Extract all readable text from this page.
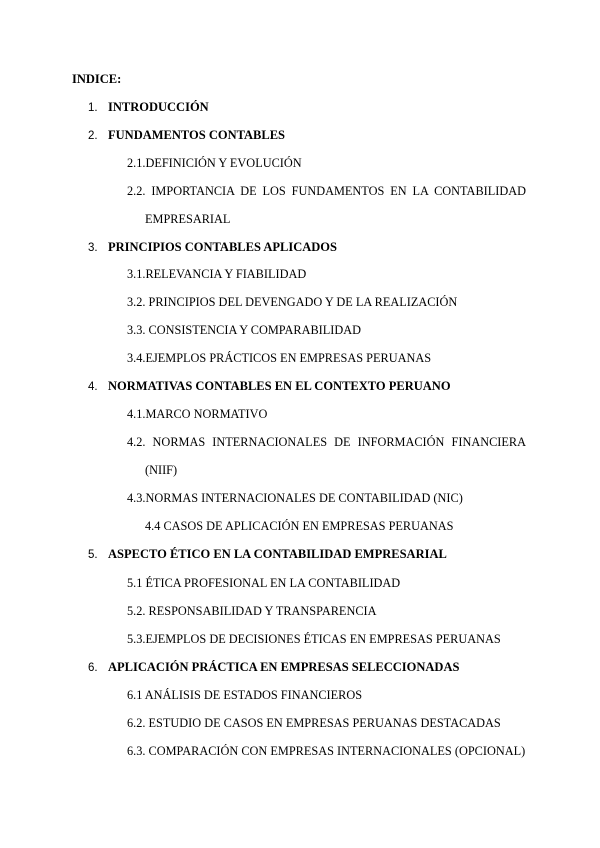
INDICE:
1. INTRODUCCIÓN
2. FUNDAMENTOS CONTABLES
2.1.DEFINICIÓN Y EVOLUCIÓN
2.2. IMPORTANCIA DE LOS FUNDAMENTOS EN LA CONTABILIDAD
EMPRESARIAL
3. PRINCIPIOS CONTABLES APLICADOS
3.1.RELEVANCIA Y FIABILIDAD
3.2. PRINCIPIOS DEL DEVENGADO Y DE LA REALIZACIÓN
3.3. CONSISTENCIA Y COMPARABILIDAD
3.4.EJEMPLOS PRÁCTICOS EN EMPRESAS PERUANAS
4. NORMATIVAS CONTABLES EN EL CONTEXTO PERUANO
4.1.MARCO NORMATIVO
4.2. NORMAS INTERNACIONALES DE INFORMACIÓN FINANCIERA
(NIIF)
4.3.NORMAS INTERNACIONALES DE CONTABILIDAD (NIC)
4.4 CASOS DE APLICACIÓN EN EMPRESAS PERUANAS
5. ASPECTO ÉTICO EN LA CONTABILIDAD EMPRESARIAL
5.1 ÉTICA PROFESIONAL EN LA CONTABILIDAD
5.2. RESPONSABILIDAD Y TRANSPARENCIA
5.3.EJEMPLOS DE DECISIONES ÉTICAS EN EMPRESAS PERUANAS
6. APLICACIÓN PRÁCTICA EN EMPRESAS SELECCIONADAS
6.1 ANÁLISIS DE ESTADOS FINANCIEROS
6.2. ESTUDIO DE CASOS EN EMPRESAS PERUANAS DESTACADAS
6.3. COMPARACIÓN CON EMPRESAS INTERNACIONALES (OPCIONAL)
